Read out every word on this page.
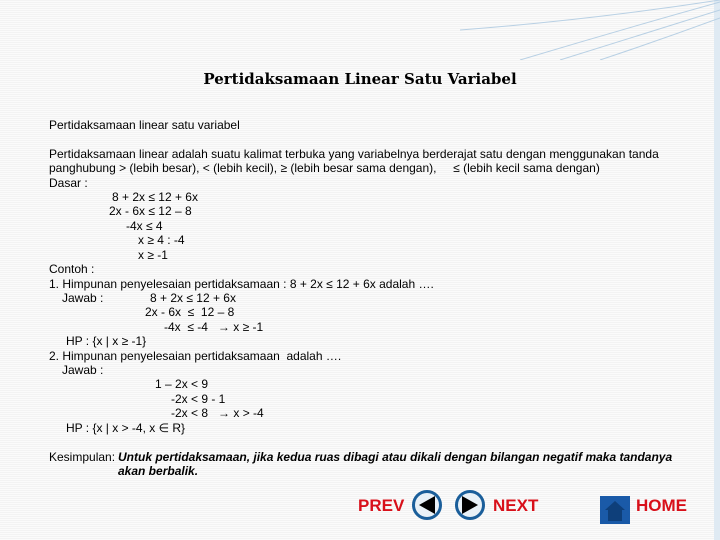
Pertidaksamaan Linear Satu Variabel
Pertidaksamaan linear satu variabel
Pertidaksamaan linear adalah suatu kalimat terbuka yang variabelnya berderajat satu dengan menggunakan tanda
panghubung > (lebih besar), < (lebih kecil), ≥ (lebih besar sama dengan),     ≤ (lebih kecil sama dengan)
Dasar :
8 + 2x ≤ 12 + 6x
2x - 6x ≤ 12 – 8
-4x ≤ 4
x ≥ 4 : -4
x ≥ -1
Contoh :
1. Himpunan penyelesaian pertidaksamaan : 8 + 2x ≤ 12 + 6x adalah ….
Jawab :	8 + 2x ≤ 12 + 6x
2x - 6x  ≤  12 – 8
-4x  ≤ -4   → x ≥ -1
HP : {x | x ≥ -1}
2. Himpunan penyelesaian pertidaksamaan  adalah ….
Jawab :
1 – 2x < 9
-2x < 9 - 1
-2x < 8   → x > -4
HP : {x | x > -4, x ∈ R}
Kesimpulan: Untuk pertidaksamaan, jika kedua ruas dibagi atau dikali dengan bilangan negatif maka tandanya
akan berbalik.
PREV	NEXT	HOME
